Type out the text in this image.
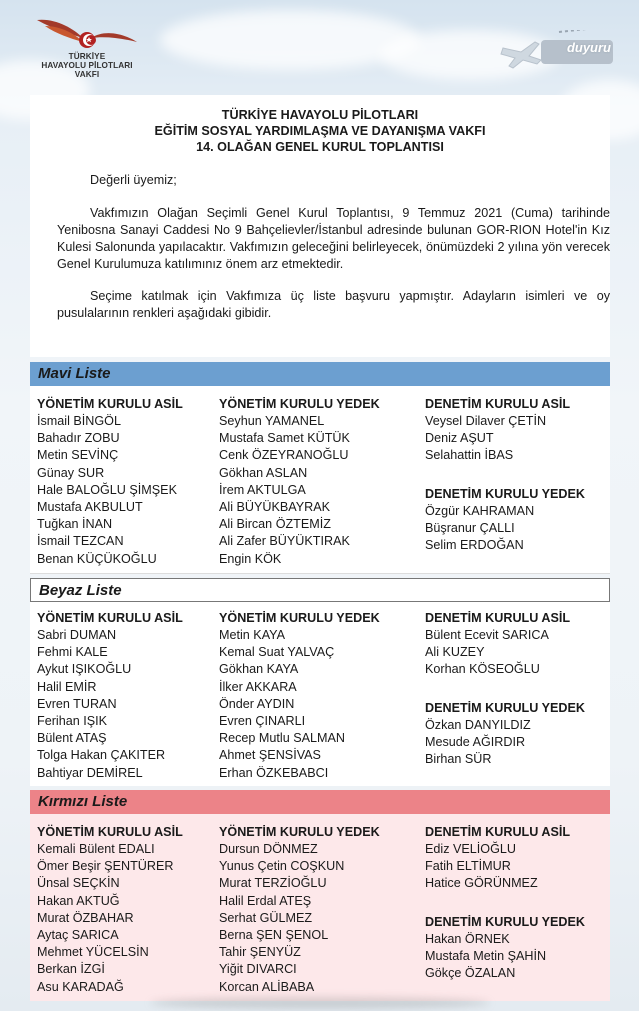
TÜRKİYE
HAVAYOLU PİLOTLARI
VAKFI
duyuru
TÜRKİYE HAVAYOLU PİLOTLARI
EĞİTİM SOSYAL YARDIMLAŞMA VE DAYANIŞMA VAKFI
14. OLAĞAN GENEL KURUL TOPLANTISI
Değerli üyemiz;
Vakfımızın Olağan Seçimli Genel Kurul Toplantısı, 9 Temmuz 2021 (Cuma) tarihinde Yenibosna Sanayi Caddesi No 9 Bahçelievler/İstanbul adresinde bulunan GOR-RION Hotel'in Kız Kulesi Salonunda yapılacaktır. Vakfımızın geleceğini belirleyecek, önümüzdeki 2 yılına yön verecek Genel Kurulumuza katılımınız önem arz etmektedir.
Seçime katılmak için Vakfımıza üç liste başvuru yapmıştır. Adayların isimleri ve oy pusulalarının renkleri aşağıdaki gibidir.
Mavi Liste
YÖNETİM KURULU ASİL
İsmail BİNGÖL
Bahadır ZOBU
Metin SEVİNÇ
Günay SUR
Hale BALOĞLU ŞİMŞEK
Mustafa AKBULUT
Tuğkan İNAN
İsmail TEZCAN
Benan KÜÇÜKOĞLU
YÖNETİM KURULU YEDEK
Seyhun YAMANEL
Mustafa Samet KÜTÜK
Cenk ÖZEYRANOĞLU
Gökhan ASLAN
İrem AKTULGA
Ali BÜYÜKBAYRAK
Ali Bircan ÖZTEMİZ
Ali Zafer BÜYÜKTIRAK
Engin KÖK
DENETİM KURULU ASİL
Veysel Dilaver ÇETİN
Deniz AŞUT
Selahattin İBAS
DENETİM KURULU YEDEK
Özgür KAHRAMAN
Büşranur ÇALLI
Selim ERDOĞAN
Beyaz Liste
YÖNETİM KURULU ASİL
Sabri DUMAN
Fehmi KALE
Aykut IŞIKOĞLU
Halil EMİR
Evren TURAN
Ferihan IŞIK
Bülent ATAŞ
Tolga Hakan ÇAKITER
Bahtiyar DEMİREL
YÖNETİM KURULU YEDEK
Metin KAYA
Kemal Suat YALVAÇ
Gökhan KAYA
İlker AKKARA
Önder AYDIN
Evren ÇINARLI
Recep Mutlu SALMAN
Ahmet ŞENSİVAS
Erhan ÖZKEBABCI
DENETİM KURULU ASİL
Bülent Ecevit SARICA
Ali KUZEY
Korhan KÖSEOĞLU
DENETİM KURULU YEDEK
Özkan DANYILDIZ
Mesude AĞIRDIR
Birhan SÜR
Kırmızı Liste
YÖNETİM KURULU ASİL
Kemali Bülent EDALI
Ömer Beşir ŞENTÜRER
Ünsal SEÇKİN
Hakan AKTUĞ
Murat ÖZBAHAR
Aytaç SARICA
Mehmet YÜCELSİN
Berkan İZGİ
Asu KARADAĞ
YÖNETİM KURULU YEDEK
Dursun DÖNMEZ
Yunus Çetin COŞKUN
Murat TERZİOĞLU
Halil Erdal ATEŞ
Serhat GÜLMEZ
Berna ŞEN ŞENOL
Tahir ŞENYÜZ
Yiğit DIVARCI
Korcan ALİBABA
DENETİM KURULU ASİL
Ediz VELİOĞLU
Fatih ELTİMUR
Hatice GÖRÜNMEZ
DENETİM KURULU YEDEK
Hakan ÖRNEK
Mustafa Metin ŞAHİN
Gökçe ÖZALAN
